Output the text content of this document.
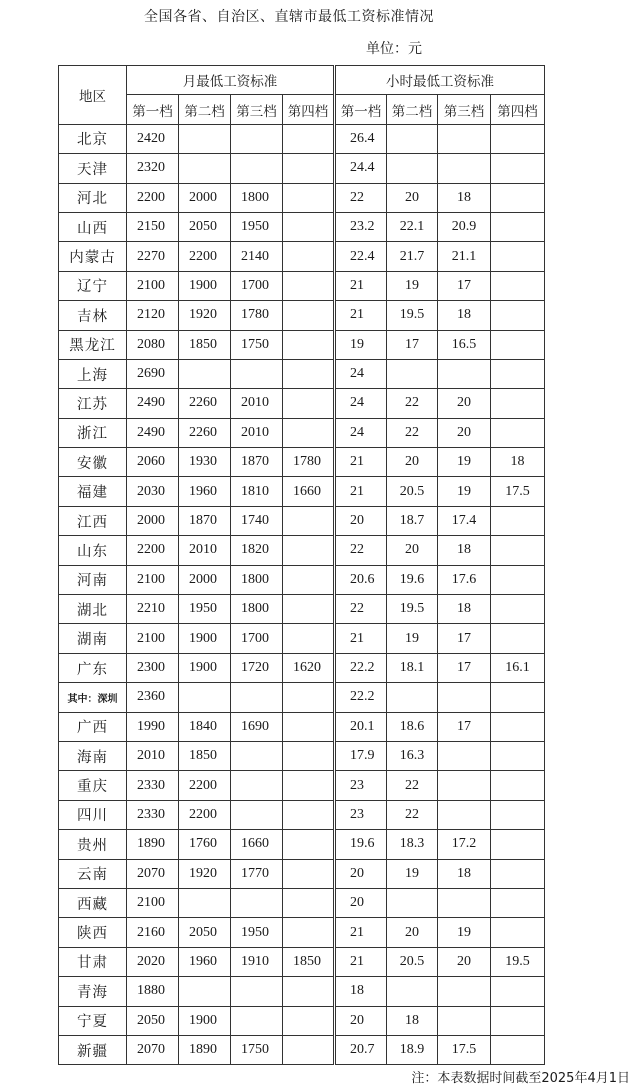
全国各省、自治区、直辖市最低工资标准情况
单位：元
地区	月最低工资标准				小时最低工资标准			
	第一档	第二档	第三档	第四档	第一档	第二档	第三档	第四档
北京	2420				26.4			
天津	2320				24.4			
河北	2200	2000	1800		22	20	18	
山西	2150	2050	1950		23.2	22.1	20.9	
内蒙古	2270	2200	2140		22.4	21.7	21.1	
辽宁	2100	1900	1700		21	19	17	
吉林	2120	1920	1780		21	19.5	18	
黑龙江	2080	1850	1750		19	17	16.5	
上海	2690				24			
江苏	2490	2260	2010		24	22	20	
浙江	2490	2260	2010		24	22	20	
安徽	2060	1930	1870	1780	21	20	19	18
福建	2030	1960	1810	1660	21	20.5	19	17.5
江西	2000	1870	1740		20	18.7	17.4	
山东	2200	2010	1820		22	20	18	
河南	2100	2000	1800		20.6	19.6	17.6	
湖北	2210	1950	1800		22	19.5	18	
湖南	2100	1900	1700		21	19	17	
广东	2300	1900	1720	1620	22.2	18.1	17	16.1
其中：深圳	2360				22.2			
广西	1990	1840	1690		20.1	18.6	17	
海南	2010	1850			17.9	16.3		
重庆	2330	2200			23	22		
四川	2330	2200			23	22		
贵州	1890	1760	1660		19.6	18.3	17.2	
云南	2070	1920	1770		20	19	18	
西藏	2100				20			
陕西	2160	2050	1950		21	20	19	
甘肃	2020	1960	1910	1850	21	20.5	20	19.5
青海	1880				18			
宁夏	2050	1900			20	18		
新疆	2070	1890	1750		20.7	18.9	17.5	
注：本表数据时间截至2025年4月1日
